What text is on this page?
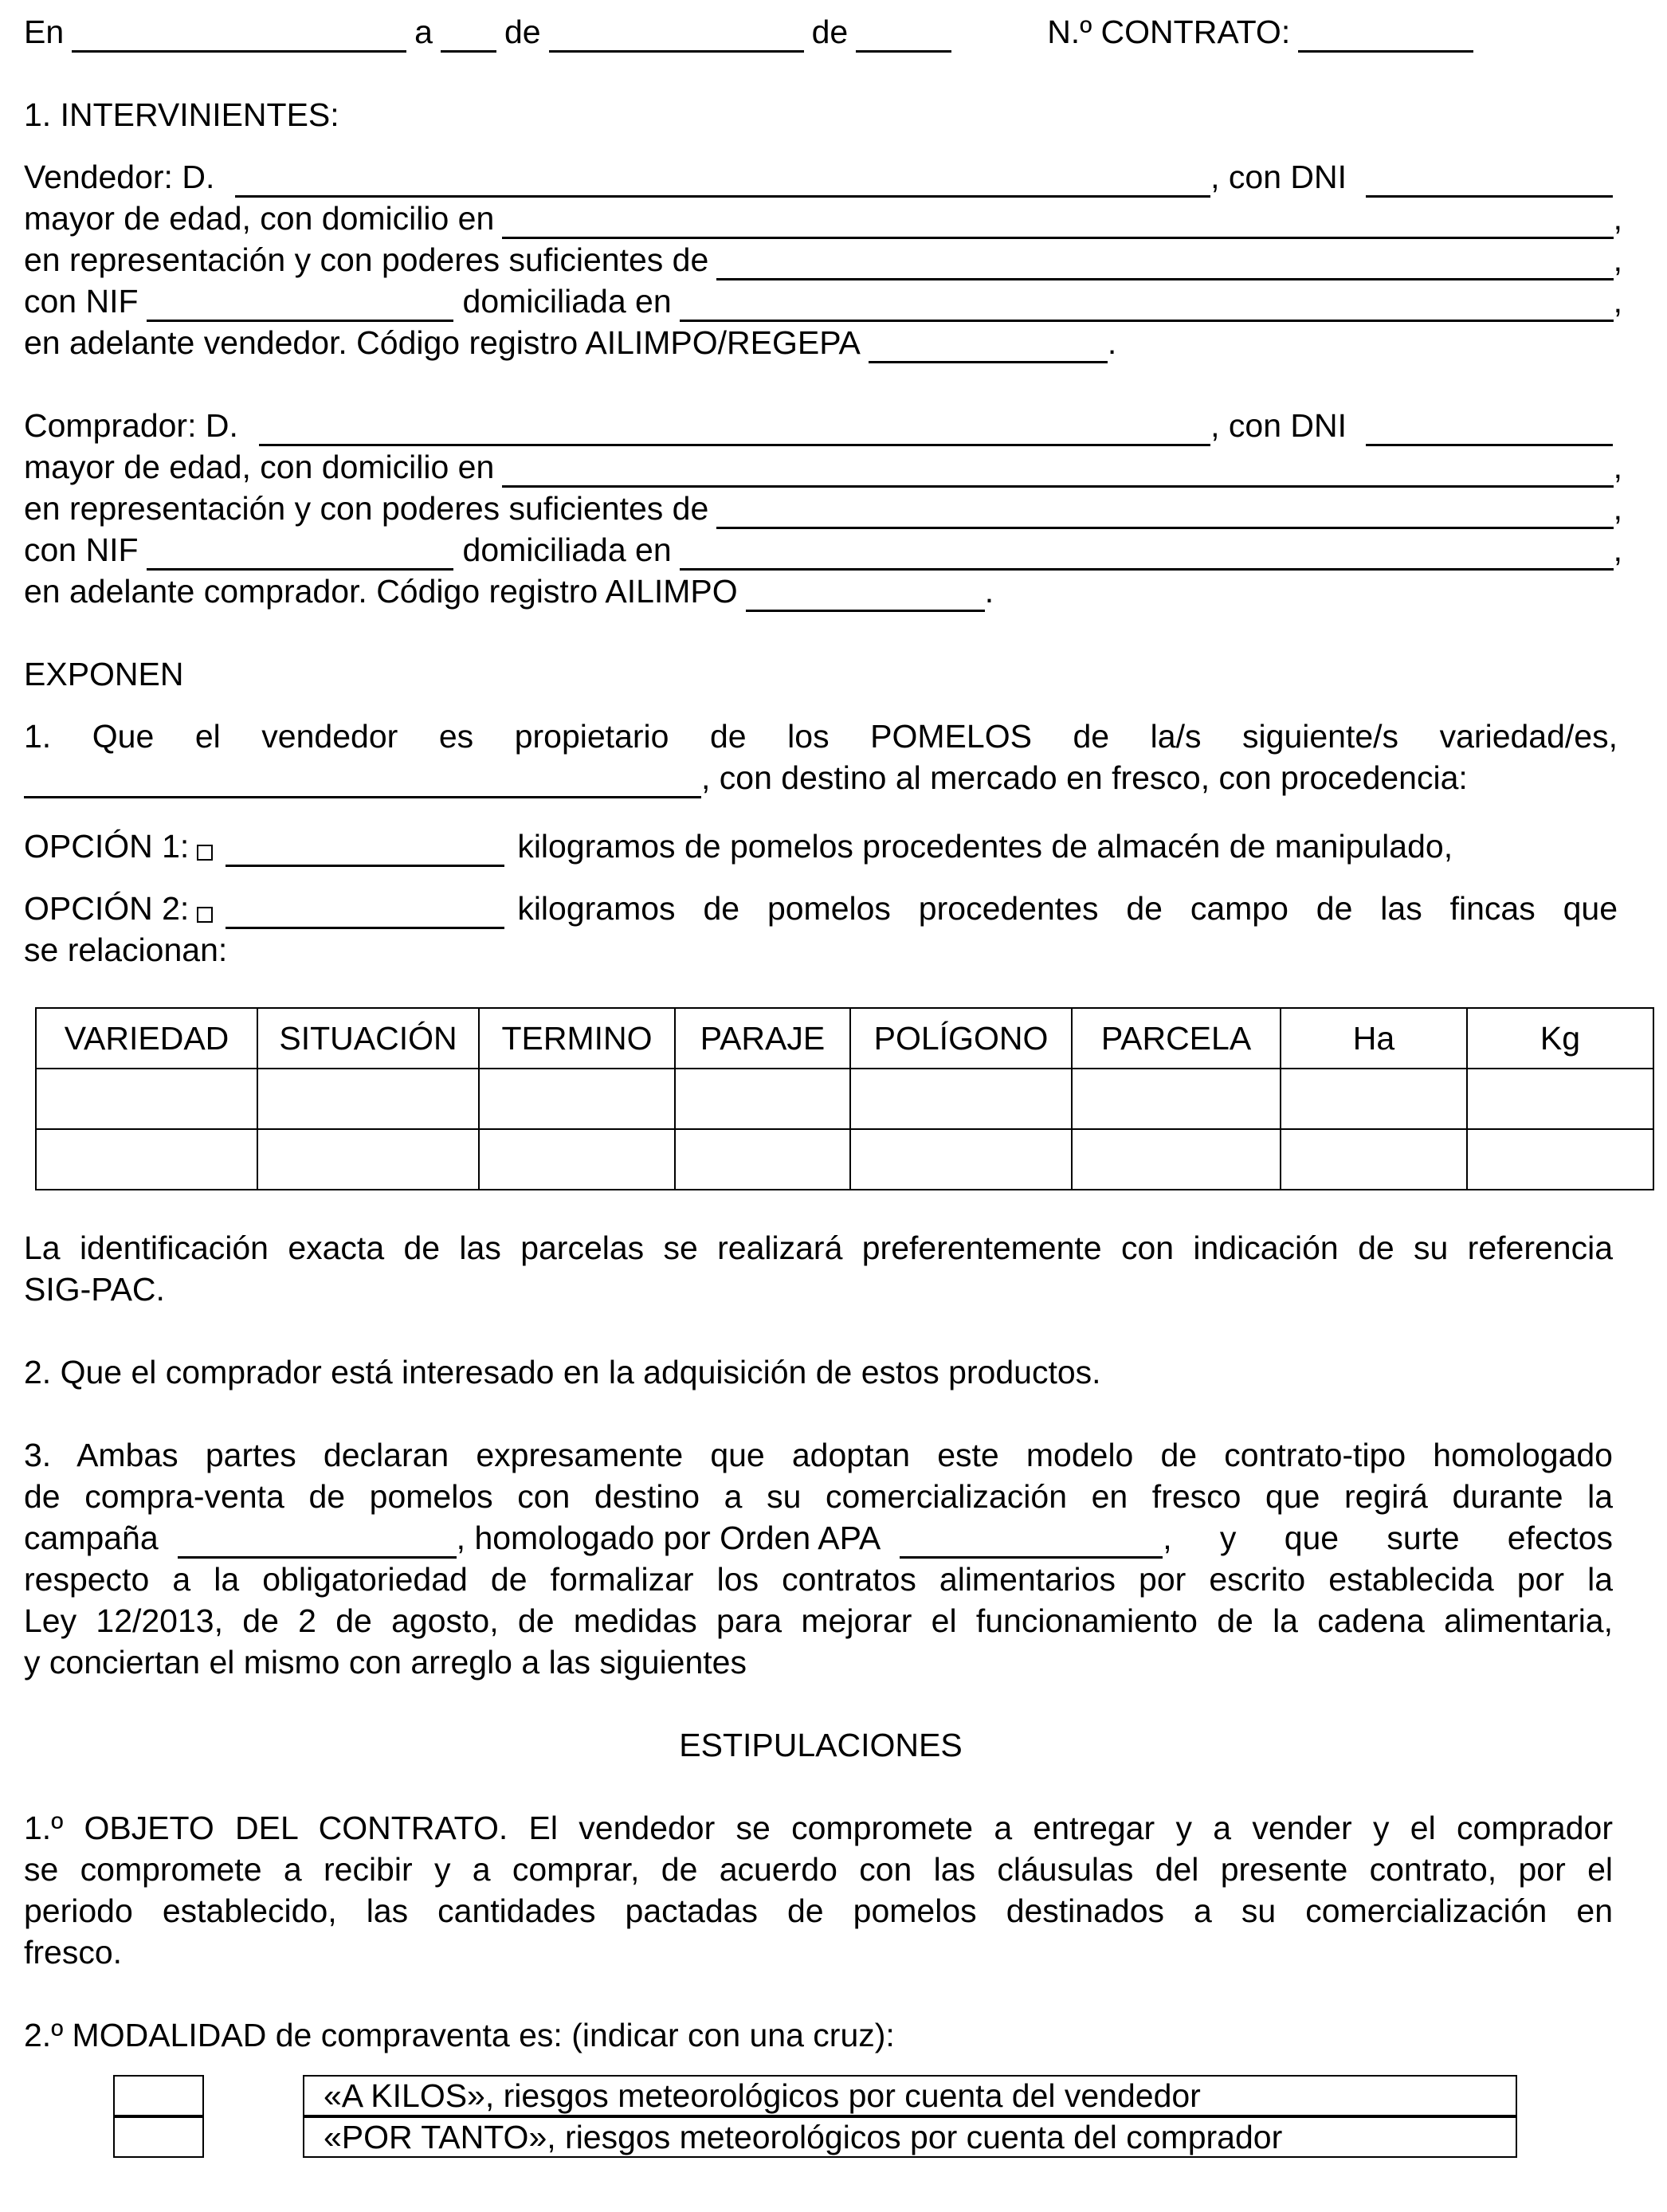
En	a de	de	N.º CONTRATO:
1. INTERVINIENTES:
Vendedor: D.	, con DNI
mayor de edad, con domicilio en	,
en representación y con poderes suficientes de	,
con NIF	domiciliada en	,
en adelante vendedor. Código registro AILIMPO/REGEPA	.
Comprador: D.	, con DNI
mayor de edad, con domicilio en	,
en representación y con poderes suficientes de	,
con NIF	domiciliada en	,
en adelante comprador. Código registro AILIMPO	.
EXPONEN
1. Que el vendedor es propietario de los POMELOS de la/s siguiente/s variedad/es,
, con destino al mercado en fresco, con procedencia:
OPCIÓN 1:	kilogramos de pomelos procedentes de almacén de manipulado,
OPCIÓN 2:	kilogramos de pomelos procedentes de campo de las fincas que
se relacionan:
VARIEDAD	SITUACIÓN	TERMINO	PARAJE	POLÍGONO	PARCELA	Ha	Kg

La identificación exacta de las parcelas se realizará preferentemente con indicación de su referencia
SIG-PAC.
2. Que el comprador está interesado en la adquisición de estos productos.
3. Ambas partes declaran expresamente que adoptan este modelo de contrato-tipo homologado
de compra-venta de pomelos con destino a su comercialización en fresco que regirá durante la
campaña	, homologado por Orden APA	, y que surte efectos
respecto a la obligatoriedad de formalizar los contratos alimentarios por escrito establecida por la
Ley 12/2013, de 2 de agosto, de medidas para mejorar el funcionamiento de la cadena alimentaria,
y conciertan el mismo con arreglo a las siguientes
ESTIPULACIONES
1.º OBJETO DEL CONTRATO. El vendedor se compromete a entregar y a vender y el comprador
se compromete a recibir y a comprar, de acuerdo con las cláusulas del presente contrato, por el
periodo establecido, las cantidades pactadas de pomelos destinados a su comercialización en
fresco.
2.º MODALIDAD de compraventa es: (indicar con una cruz):
«A KILOS», riesgos meteorológicos por cuenta del vendedor
«POR TANTO», riesgos meteorológicos por cuenta del comprador
